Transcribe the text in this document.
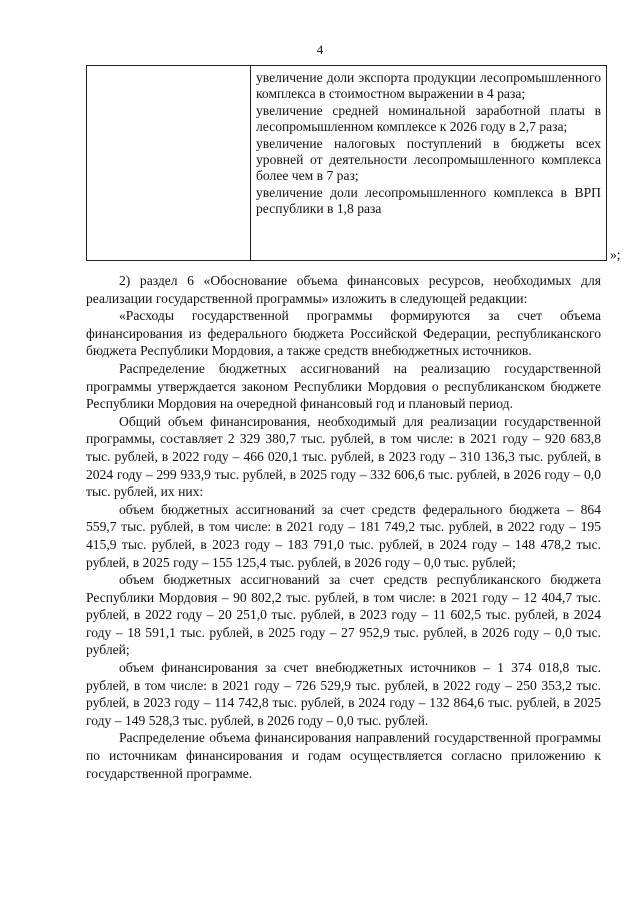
4

увеличение доли экспорта продукции лесопромышленного комплекса в стоимостном выражении в 4 раза;

увеличение средней номинальной заработной платы в лесопромышленном комплексе к 2026 году в 2,7 раза;

увеличение налоговых поступлений в бюджеты всех уровней от деятельности лесопромышленного комплекса более чем в 7 раз;

увеличение доли лесопромышленного комплекса в ВРП республики в 1,8 раза

»;

2) раздел 6 «Обоснование объема финансовых ресурсов, необходимых для реализации государственной программы» изложить в следующей редакции:

«Расходы государственной программы формируются за счет объема финансирования из федерального бюджета Российской Федерации, республиканского бюджета Республики Мордовия, а также средств внебюджетных источников.

Распределение бюджетных ассигнований на реализацию государственной программы утверждается законом Республики Мордовия о республиканском бюджете Республики Мордовия на очередной финансовый год и плановый период.

Общий объем финансирования, необходимый для реализации государственной программы, составляет 2 329 380,7 тыс. рублей, в том числе: в 2021 году – 920 683,8 тыс. рублей, в 2022 году – 466 020,1 тыс. рублей, в 2023 году – 310 136,3 тыс. рублей, в 2024 году – 299 933,9 тыс. рублей, в 2025 году – 332 606,6 тыс. рублей, в 2026 году – 0,0 тыс. рублей, их них:

объем бюджетных ассигнований за счет средств федерального бюджета – 864 559,7 тыс. рублей, в том числе: в 2021 году – 181 749,2 тыс. рублей, в 2022 году – 195 415,9 тыс. рублей, в 2023 году – 183 791,0 тыс. рублей, в 2024 году – 148 478,2 тыс. рублей, в 2025 году – 155 125,4 тыс. рублей, в 2026 году – 0,0 тыс. рублей;

объем бюджетных ассигнований за счет средств республиканского бюджета Республики Мордовия – 90 802,2 тыс. рублей, в том числе: в 2021 году – 12 404,7 тыс. рублей, в 2022 году – 20 251,0 тыс. рублей, в 2023 году – 11 602,5 тыс. рублей, в 2024 году – 18 591,1 тыс. рублей, в 2025 году – 27 952,9 тыс. рублей, в 2026 году – 0,0 тыс. рублей;

объем финансирования за счет внебюджетных источников – 1 374 018,8 тыс. рублей, в том числе: в 2021 году – 726 529,9 тыс. рублей, в 2022 году – 250 353,2 тыс. рублей, в 2023 году – 114 742,8 тыс. рублей, в 2024 году – 132 864,6 тыс. рублей, в 2025 году – 149 528,3 тыс. рублей, в 2026 году – 0,0 тыс. рублей.

Распределение объема финансирования направлений государственной программы по источникам финансирования и годам осуществляется согласно приложению к государственной программе.
